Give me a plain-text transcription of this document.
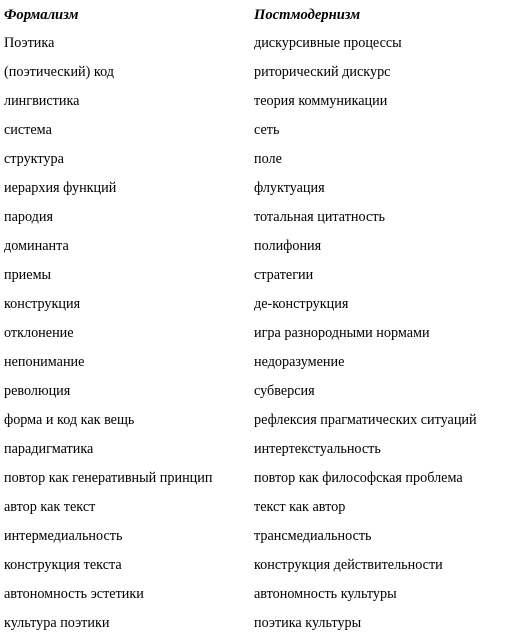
Формализм	Постмодернизм
Поэтика	дискурсивные процессы
(поэтический) код	риторический дискурс
лингвистика	теория коммуникации
система	сеть
структура	поле
иерархия функций	флуктуация
пародия	тотальная цитатность
доминанта	полифония
приемы	стратегии
конструкция	де-конструкция
отклонение	игра разнородными нормами
непонимание	недоразумение
революция	субверсия
форма и код как вещь	рефлексия прагматических ситуаций
парадигматика	интертекстуальность
повтор как генеративный принцип	повтор как философская проблема
автор как текст	текст как автор
интермедиальность	трансмедиальность
конструкция текста	конструкция действительности
автономность эстетики	автономность культуры
культура поэтики	поэтика культуры
